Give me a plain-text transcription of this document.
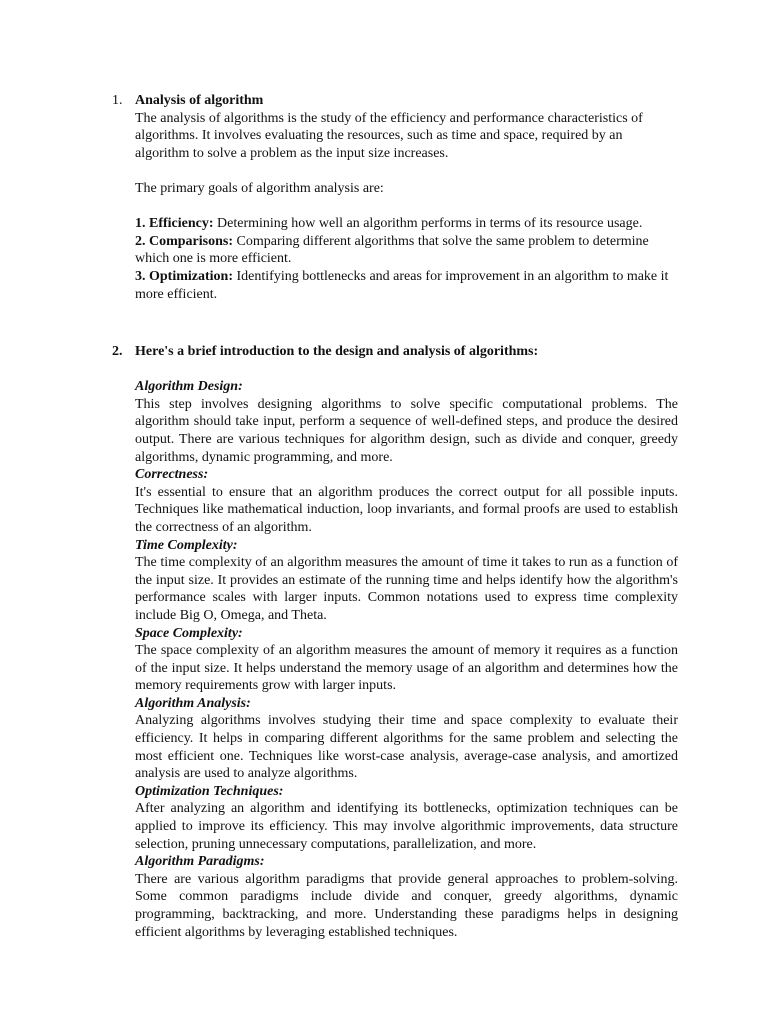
1. Analysis of algorithm

The analysis of algorithms is the study of the efficiency and performance characteristics of algorithms. It involves evaluating the resources, such as time and space, required by an algorithm to solve a problem as the input size increases.

The primary goals of algorithm analysis are:

1. Efficiency: Determining how well an algorithm performs in terms of its resource usage.

2. Comparisons: Comparing different algorithms that solve the same problem to determine which one is more efficient.

3. Optimization: Identifying bottlenecks and areas for improvement in an algorithm to make it more efficient.

2. Here's a brief introduction to the design and analysis of algorithms:

Algorithm Design:

This step involves designing algorithms to solve specific computational problems. The algorithm should take input, perform a sequence of well-defined steps, and produce the desired output. There are various techniques for algorithm design, such as divide and conquer, greedy algorithms, dynamic programming, and more.

Correctness:

It's essential to ensure that an algorithm produces the correct output for all possible inputs. Techniques like mathematical induction, loop invariants, and formal proofs are used to establish the correctness of an algorithm.

Time Complexity:

The time complexity of an algorithm measures the amount of time it takes to run as a function of the input size. It provides an estimate of the running time and helps identify how the algorithm's performance scales with larger inputs. Common notations used to express time complexity include Big O, Omega, and Theta.

Space Complexity:

The space complexity of an algorithm measures the amount of memory it requires as a function of the input size. It helps understand the memory usage of an algorithm and determines how the memory requirements grow with larger inputs.

Algorithm Analysis:

Analyzing algorithms involves studying their time and space complexity to evaluate their efficiency. It helps in comparing different algorithms for the same problem and selecting the most efficient one. Techniques like worst-case analysis, average-case analysis, and amortized analysis are used to analyze algorithms.

Optimization Techniques:

After analyzing an algorithm and identifying its bottlenecks, optimization techniques can be applied to improve its efficiency. This may involve algorithmic improvements, data structure selection, pruning unnecessary computations, parallelization, and more.

Algorithm Paradigms:

There are various algorithm paradigms that provide general approaches to problem-solving. Some common paradigms include divide and conquer, greedy algorithms, dynamic programming, backtracking, and more. Understanding these paradigms helps in designing efficient algorithms by leveraging established techniques.
